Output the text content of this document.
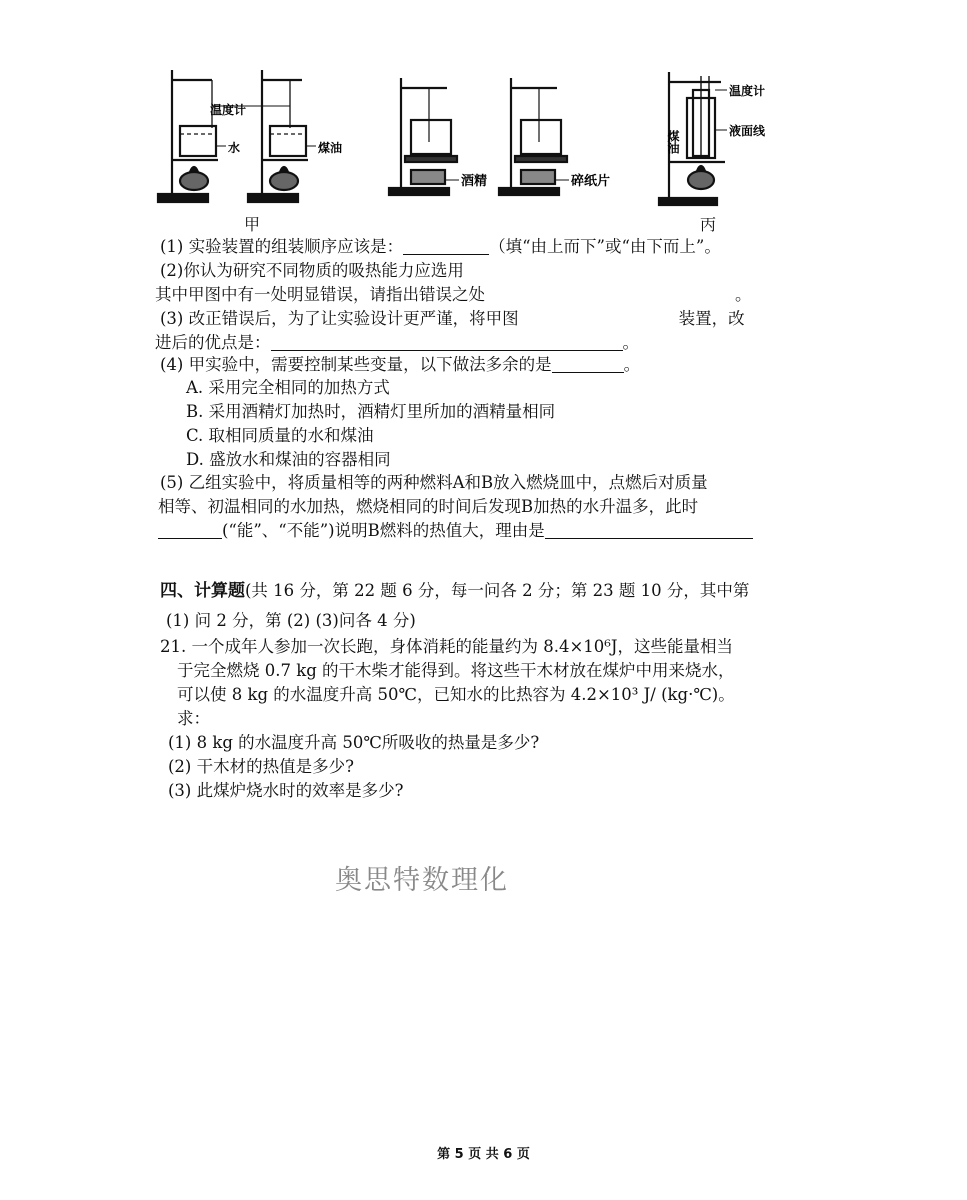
温度计
水	煤油
甲
酒精	碎纸片
温度计
液面线
煤油
丙
(1) 实验装置的组装顺序应该是：	（填“由上而下”或“由下而上”。
(2)你认为研究不同物质的吸热能力应选用
其中甲图中有一处明显错误，请指出错误之处	。
(3) 改正错误后，为了让实验设计更严谨，将甲图	装置，改
进后的优点是：	。
(4) 甲实验中，需要控制某些变量，以下做法多余的是	。
A. 采用完全相同的加热方式
B. 采用酒精灯加热时，酒精灯里所加的酒精量相同
C. 取相同质量的水和煤油
D. 盛放水和煤油的容器相同
(5) 乙组实验中，将质量相等的两种燃料A和B放入燃烧皿中，点燃后对质量
相等、初温相同的水加热，燃烧相同的时间后发现B加热的水升温多，此时
(“能”、“不能”)说明B燃料的热值大，理由是
四、计算题(共 16 分，第 22 题 6 分，每一问各 2 分；第 23 题 10 分，其中第
(1) 问 2 分，第 (2) (3)问各 4 分)
21. 一个成年人参加一次长跑，身体消耗的能量约为 8.4×10⁶J，这些能量相当
于完全燃烧 0.7 kg 的干木柴才能得到。将这些干木材放在煤炉中用来烧水，
可以使 8 kg 的水温度升高 50℃，已知水的比热容为 4.2×10³ J/ (kg·℃)。
求：
(1) 8 kg 的水温度升高 50℃所吸收的热量是多少?
(2) 干木材的热值是多少?
(3) 此煤炉烧水时的效率是多少?
奥思特数理化
第 5 页 共 6 页
